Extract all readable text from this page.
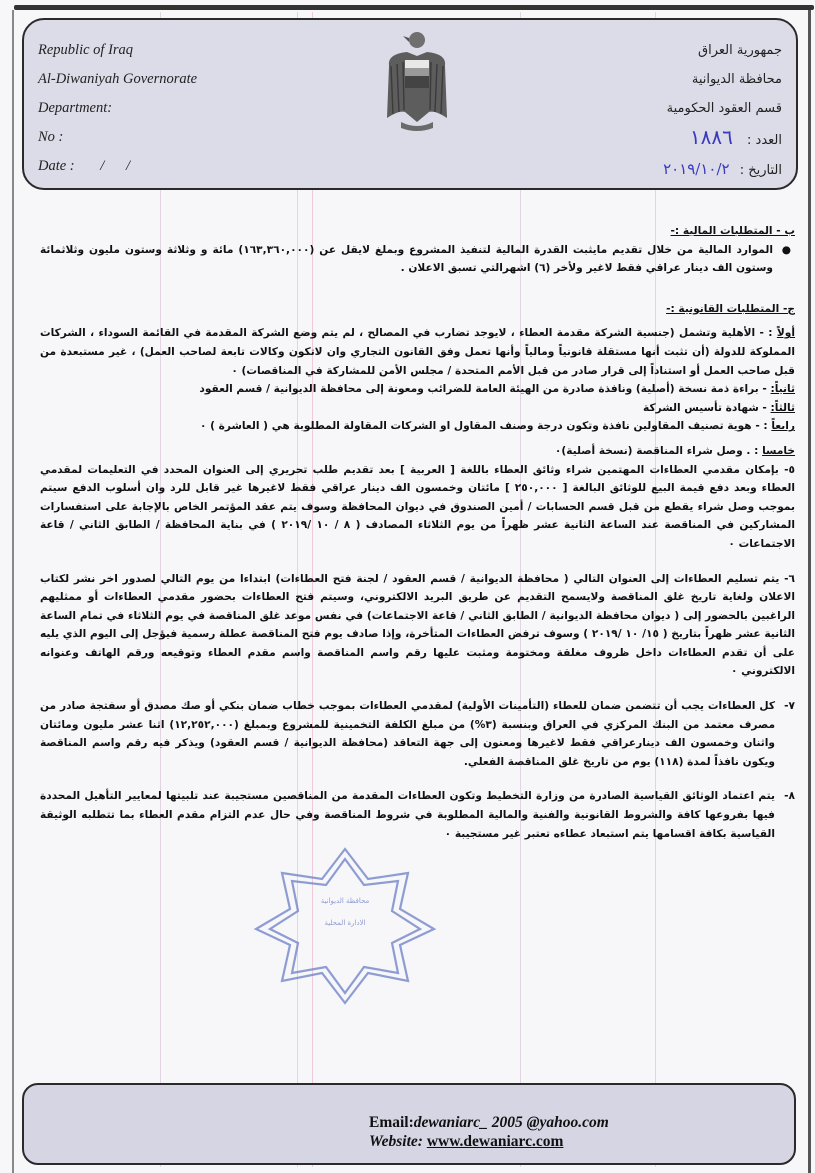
Republic of Iraq
Al-Diwaniyah Governorate
Department:
No :
Date : /      /
جمهورية العراق
محافظة الديوانية
قسم العقود الحكومية
العدد : ١٨٨٦
التاريخ : ٢٠١٩/١٠/٢

ب - المتطلبات المالية :-

●
الموارد المالية من خلال تقديم مايثبت القدرة المالية لتنفيذ المشروع وبملغ لايقل عن (١٦٣,٣٦٠,٠٠٠) مائة و وثلاثة وستون مليون وثلاثمائة وستون الف دينار عراقي فقط لاغير ولأخر (٦) اشهرالتي تسبق الاعلان .

ج- المتطلبات القانونية :-

أولاً : - الأهلية وتشمل (جنسية الشركة مقدمة العطاء ، لايوجد تضارب في المصالح ، لم يتم وضع الشركة المقدمة في القائمة السوداء ، الشركات المملوكة للدولة (أن تثبت أنها مستقلة قانونياً ومالياً وأنها تعمل وفق القانون التجاري وان لاتكون وكالات تابعة لصاحب العمل) ، غير مستبعدة من قبل صاحب العمل أو استناداً إلى قرار صادر من قبل الأمم المتحدة / مجلس الأمن للمشاركة في المناقصات) ٠

ثانياً: - براءة ذمة نسخة (أصلية) ونافذة صادرة من الهيئة العامة للضرائب ومعونة إلى محافظة الديوانية / قسم العقود

ثالثاً: - شهادة تأسيس الشركة

رابعاً : - هوية تصنيف المقاولين نافذة وتكون درجة وصنف المقاول او الشركات المقاولة المطلوبة هي ( العاشرة ) ٠

خامسا : . وصل شراء المناقصة (نسخة أصلية)٠

٥- بإمكان مقدمي العطاءات المهتمين شراء وثائق العطاء باللغة [ العربية ] بعد تقديم طلب تحريري إلى العنوان المحدد في التعليمات لمقدمي العطاء وبعد دفع قيمة البيع للوثائق البالغة [ ٢٥٠,٠٠٠ ] مائتان وخمسون الف دينار عراقي فقط لاغيرها غير قابل للرد وان أسلوب الدفع سيتم بموجب وصل شراء يقطع من قبل قسم الحسابات / أمين الصندوق في ديوان المحافظة وسوف يتم عقد المؤتمر الخاص بالإجابة على استفسارات المشاركين في المناقصة عند الساعة الثانية عشر ظهراً من يوم الثلاثاء المصادف ( ٨ / ١٠ /٢٠١٩ ) في بناية المحافظة / الطابق الثاني / قاعة الاجتماعات ٠

٦- يتم تسليم العطاءات إلى العنوان التالي ( محافظة الديوانية / قسم العقود / لجنة فتح العطاءات) ابتداءا من يوم التالي لصدور اخر نشر لكتاب الاعلان ولغاية تاريخ غلق المناقصة ولايسمح التقديم عن طريق البريد الالكتروني، وسيتم فتح العطاءات بحضور مقدمي العطاءات أو ممثليهم الراغبين بالحضور إلى ( ديوان محافظة الديوانية / الطابق الثاني / قاعة الاجتماعات) في نفس موعد غلق المناقصة في يوم الثلاثاء في تمام الساعة الثانية عشر ظهراً بتاريخ ( ١٥/ ١٠ /٢٠١٩ ) وسوف ترفض العطاءات المتأخرة، وإذا صادف يوم فتح المناقصة عطلة رسمية فيؤجل إلى اليوم الذي يليه على أن تقدم العطاءات داخل ظروف مغلقة ومختومة ومثبت عليها رقم واسم المناقصة واسم مقدم العطاء وتوقيعه ورقم الهاتف وعنوانه الالكتروني ٠

٧-
كل العطاءات يجب أن تتضمن ضمان للعطاء (التأمينات الأولية) لمقدمي العطاءات بموجب خطاب ضمان بنكي أو صك مصدق أو سفتجة صادر من مصرف معتمد من البنك المركزي في العراق وبنسبة (٣%) من مبلغ الكلفة التخمينية للمشروع وبمبلغ (١٢,٢٥٢,٠٠٠) اثنا عشر مليون ومائتان واثنان وخمسون الف دينارعراقي فقط لاغيرها ومعنون إلى جهة التعاقد (محافظة الديوانية / قسم العقود) ويذكر فيه رقم واسم المناقصة ويكون نافذاً لمدة (١١٨) يوم من تاريخ غلق المناقصة الفعلي.

٨-
يتم اعتماد الوثائق القياسية الصادرة من وزارة التخطيط وتكون العطاءات المقدمة من المناقصين مستجيبة عند تلبيتها لمعايير التأهيل المحددة فيها بفروعها كافة والشروط القانونية والفنية والمالية المطلوبة في شروط المناقصة وفي حال عدم التزام مقدم العطاء بما تتطلبه الوثيقة القياسية بكافة اقسامها يتم استبعاد عطاءه تعتبر غير مستجيبة ٠

محافظة الديوانية
الادارة المحلية
Email:dewaniarc_ 2005 @yahoo.com
Website: www.dewaniarc.com
